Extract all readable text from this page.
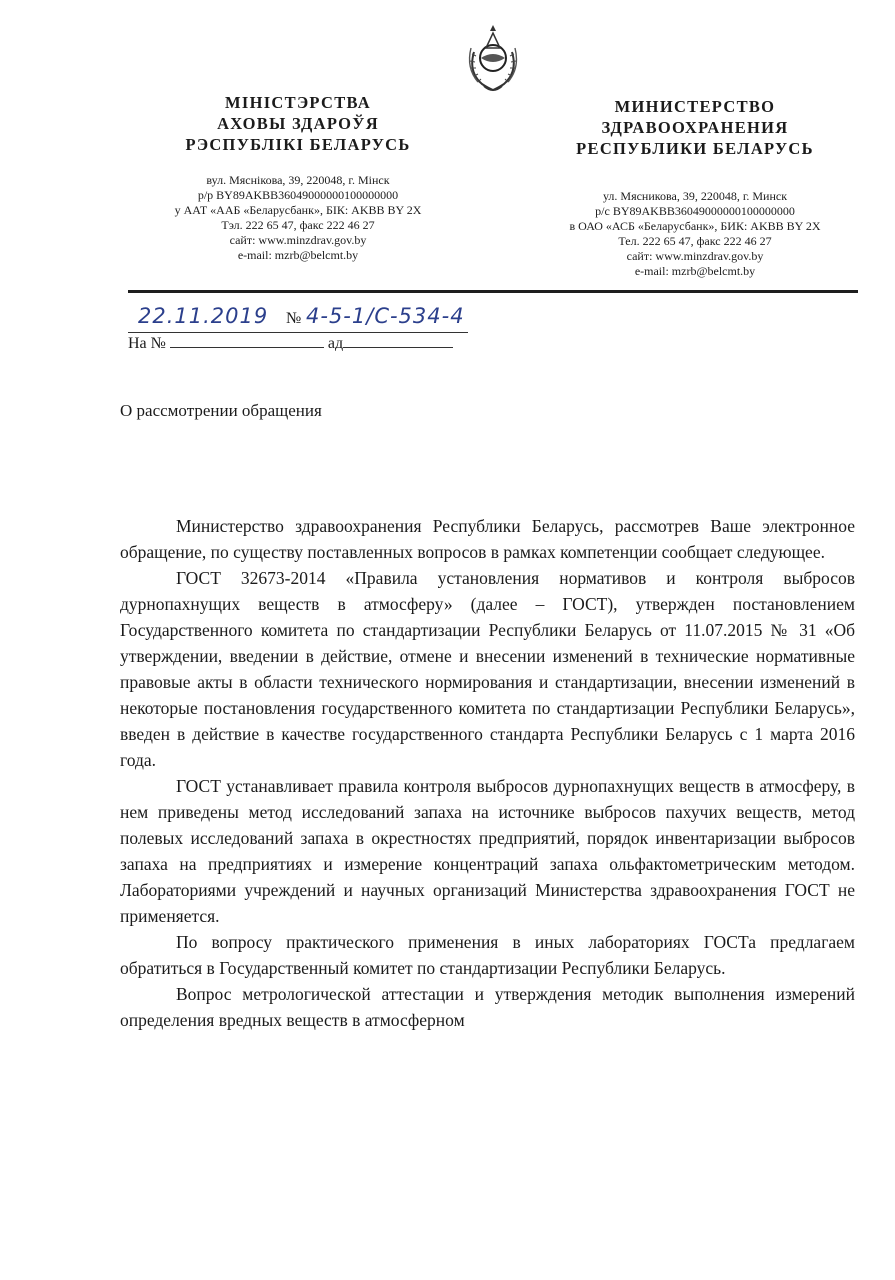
МІНІСТЭРСТВА
АХОВЫ ЗДАРОЎЯ
РЭСПУБЛІКІ БЕЛАРУСЬ
вул. Мяснікова, 39, 220048, г. Мінск
р/р BY89AKBB36049000000100000000
у ААТ «ААБ «Беларусбанк», БІК: AKBB BY 2X
Тэл. 222 65 47, факс 222 46 27
сайт: www.minzdrav.gov.by
e-mail: mzrb@belcmt.by
МИНИСТЕРСТВО
ЗДРАВООХРАНЕНИЯ
РЕСПУБЛИКИ БЕЛАРУСЬ
ул. Мясникова, 39, 220048, г. Минск
р/с BY89AKBB36049000000100000000
в ОАО «АСБ «Беларусбанк», БИК: AKBB BY 2X
Тел. 222 65 47, факс 222 46 27
сайт: www.minzdrav.gov.by
e-mail: mzrb@belcmt.by
22.11.2019 № 4-5-1/С-534-4
На №	ад
О рассмотрении обращения

Министерство здравоохранения Республики Беларусь, рассмотрев Ваше электронное обращение, по существу поставленных вопросов в рамках компетенции сообщает следующее.

ГОСТ 32673-2014 «Правила установления нормативов и контроля выбросов дурнопахнущих веществ в атмосферу» (далее – ГОСТ), утвержден постановлением Государственного комитета по стандартизации Республики Беларусь от 11.07.2015 № 31 «Об утверждении, введении в действие, отмене и внесении изменений в технические нормативные правовые акты в области технического нормирования и стандартизации, внесении изменений в некоторые постановления государственного комитета по стандартизации Республики Беларусь», введен в действие в качестве государственного стандарта Республики Беларусь с 1 марта 2016 года.

ГОСТ устанавливает правила контроля выбросов дурнопахнущих веществ в атмосферу, в нем приведены метод исследований запаха на источнике выбросов пахучих веществ, метод полевых исследований запаха в окрестностях предприятий, порядок инвентаризации выбросов запаха на предприятиях и измерение концентраций запаха ольфактометрическим методом. Лабораториями учреждений и научных организаций Министерства здравоохранения ГОСТ не применяется.

По вопросу практического применения в иных лабораториях ГОСТа предлагаем обратиться в Государственный комитет по стандартизации Республики Беларусь.

Вопрос метрологической аттестации и утверждения методик выполнения измерений определения вредных веществ в атмосферном
